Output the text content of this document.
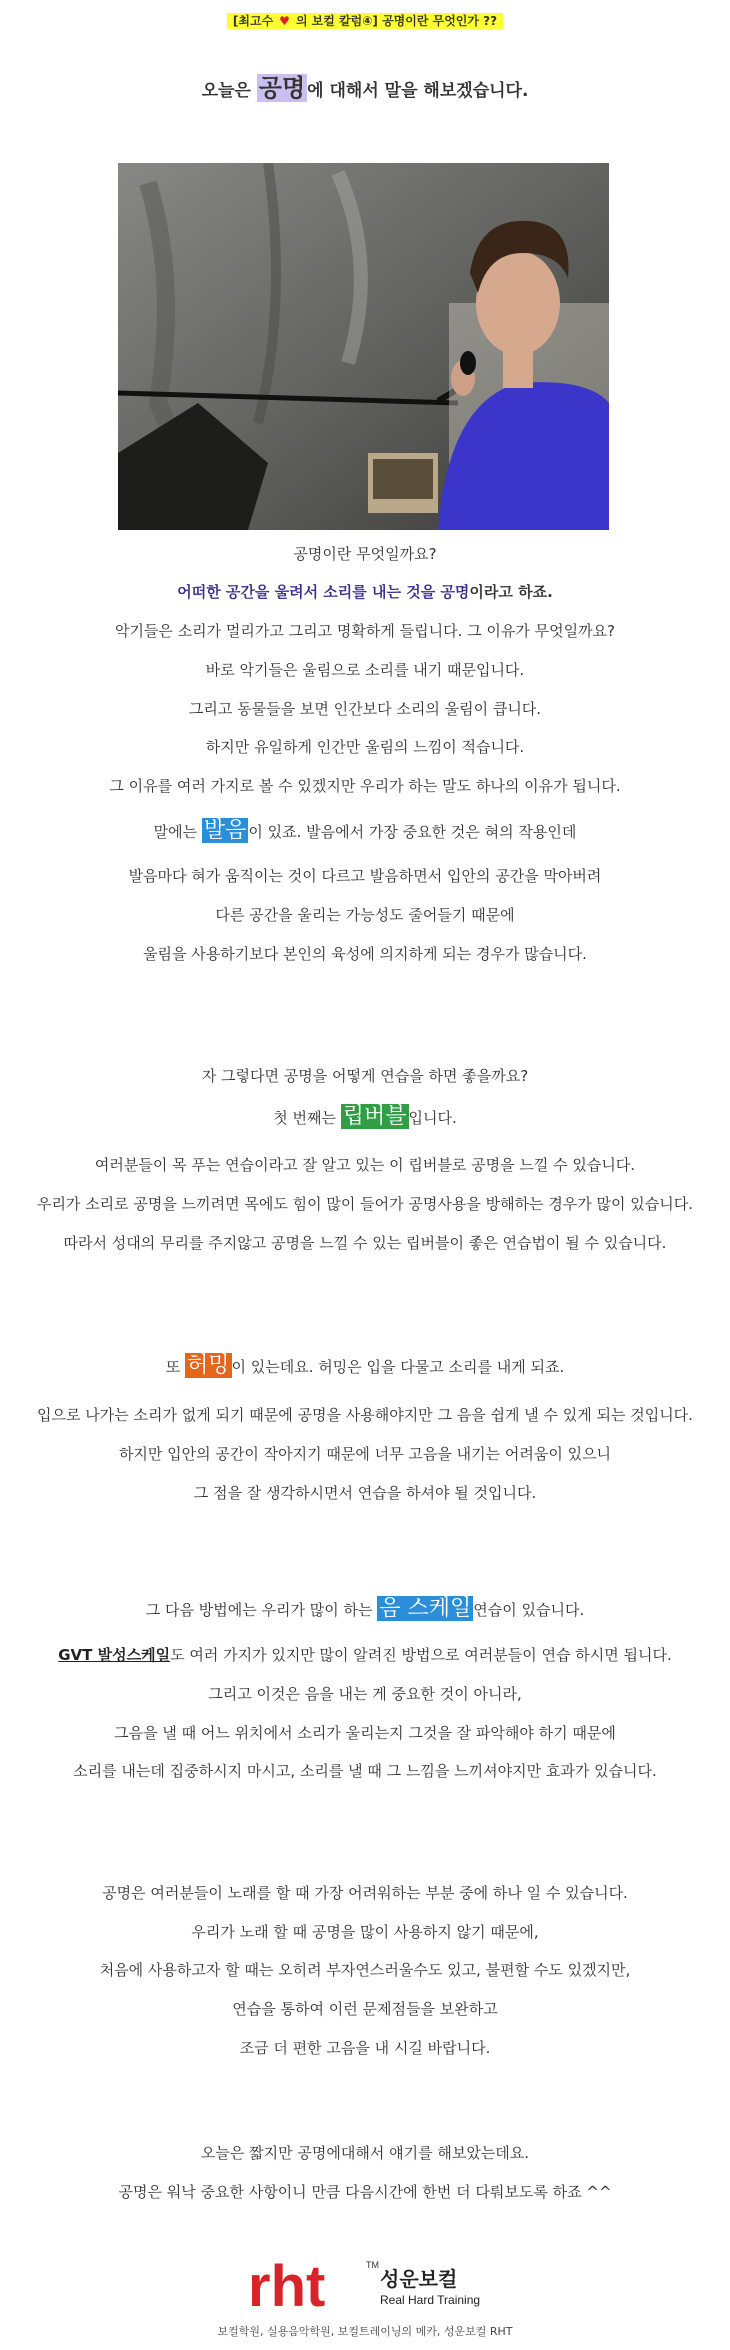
[최고수 ♥ 의 보컬 칼럼④] 공명이란 무엇인가 ??
오늘은 공명 에 대해서 말을 해보겠습니다.
공명이란 무엇일까요?
어떠한 공간을 울려서 소리를 내는 것을 공명이라고 하죠.
악기들은 소리가 멀리가고 그리고 명확하게 들립니다. 그 이유가 무엇일까요?
바로 악기들은 울림으로 소리를 내기 때문입니다.
그리고 동물들을 보면 인간보다 소리의 울림이 큽니다.
하지만 유일하게 인간만 울림의 느낌이 적습니다.
그 이유를 여러 가지로 볼 수 있겠지만 우리가 하는 말도 하나의 이유가 됩니다.
말에는 발음 이 있죠. 발음에서 가장 중요한 것은 혀의 작용인데
발음마다 혀가 움직이는 것이 다르고 발음하면서 입안의 공간을 막아버려
다른 공간을 울리는 가능성도 줄어들기 때문에
울림을 사용하기보다 본인의 육성에 의지하게 되는 경우가 많습니다.
자 그렇다면 공명을 어떻게 연습을 하면 좋을까요?
첫 번째는 립버블 입니다.
여러분들이 목 푸는 연습이라고 잘 알고 있는 이 립버블로 공명을 느낄 수 있습니다.
우리가 소리로 공명을 느끼려면 목에도 힘이 많이 들어가 공명사용을 방해하는 경우가 많이 있습니다.
따라서 성대의 무리를 주지않고 공명을 느낄 수 있는 립버블이 좋은 연습법이 될 수 있습니다.
또 허밍 이 있는데요. 허밍은 입을 다물고 소리를 내게 되죠.
입으로 나가는 소리가 없게 되기 때문에 공명을 사용해야지만 그 음을 쉽게 낼 수 있게 되는 것입니다.
하지만 입안의 공간이 작아지기 때문에 너무 고음을 내기는 어려움이 있으니
그 점을 잘 생각하시면서 연습을 하셔야 될 것입니다.
그 다음 방법에는 우리가 많이 하는 음 스케일 연습이 있습니다.
GVT 발성스케일도 여러 가지가 있지만 많이 알려진 방법으로 여러분들이 연습 하시면 됩니다.
그리고 이것은 음을 내는 게 중요한 것이 아니라,
그음을 낼 때 어느 위치에서 소리가 울리는지 그것을 잘 파악해야 하기 때문에
소리를 내는데 집중하시지 마시고, 소리를 낼 때 그 느낌을 느끼셔야지만 효과가 있습니다.
공명은 여러분들이 노래를 할 때 가장 어려워하는 부분 중에 하나 일 수 있습니다.
우리가 노래 할 때 공명을 많이 사용하지 않기 때문에,
처음에 사용하고자 할 때는 오히려 부자연스러울수도 있고, 불편할 수도 있겠지만,
연습을 통하여 이런 문제점들을 보완하고
조금 더 편한 고음을 내 시길 바랍니다.
오늘은 짧지만 공명에대해서 얘기를 해보았는데요.
공명은 워낙 중요한 사항이니 만큼 다음시간에 한번 더 다뤄보도록 하죠 ^^
rht	TM
성운보컬
Real Hard Training
보컬학원, 실용음악학원, 보컬트레이닝의 메카, 성운보컬 RHT
